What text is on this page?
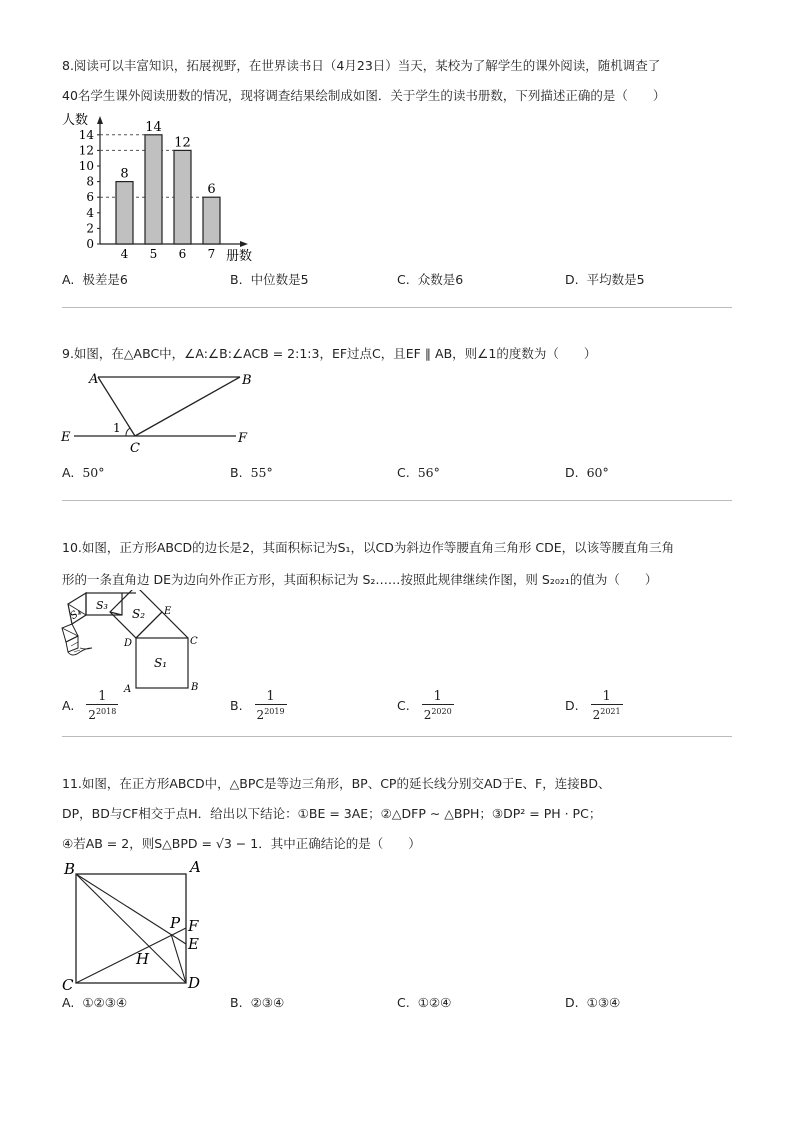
8.阅读可以丰富知识，拓展视野，在世界读书日（4月23日）当天，某校为了解学生的课外阅读，随机调查了
40名学生课外阅读册数的情况，现将调查结果绘制成如图．关于学生的读书册数，下列描述正确的是（　　）
0
2
4
6
8
10
12
14
人数
册数
8
4
14
5
12
6
6
7
A. 极差是6	B. 中位数是5	C. 众数是6	D. 平均数是5
9.如图，在△ABC中，∠A:∠B:∠ACB = 2:1:3，EF过点C，且EF ∥ AB，则∠1的度数为（　　）
A	B
C
E	F
1
A. 50°	B. 55°	C. 56°	D. 60°
10.如图，正方形ABCD的边长是2，其面积标记为S₁，以CD为斜边作等腰直角三角形 CDE，以该等腰直角三角
形的一条直角边 DE为边向外作正方形，其面积标记为 S₂……按照此规律继续作图，则 S₂₀₂₁的值为（　　）
S₁
S₂
S₃
S₄	E
C
D
A	B
A. $\frac{1}{2^{2018}}$	B. $\frac{1}{2^{2019}}$	C. $\frac{1}{2^{2020}}$	D. $\frac{1}{2^{2021}}$
11.如图，在正方形ABCD中，△BPC是等边三角形，BP、CP的延长线分别交AD于E、F，连接BD、
DP，BD与CF相交于点H．给出以下结论：①BE = 3AE；②△DFP ∼ △BPH；③DP² = PH · PC；
④若AB = 2，则S△BPD = √3 − 1．其中正确结论的是（　　）
B	A
C	D
P F
E
H
A. ①②③④	B. ②③④	C. ①②④	D. ①③④
